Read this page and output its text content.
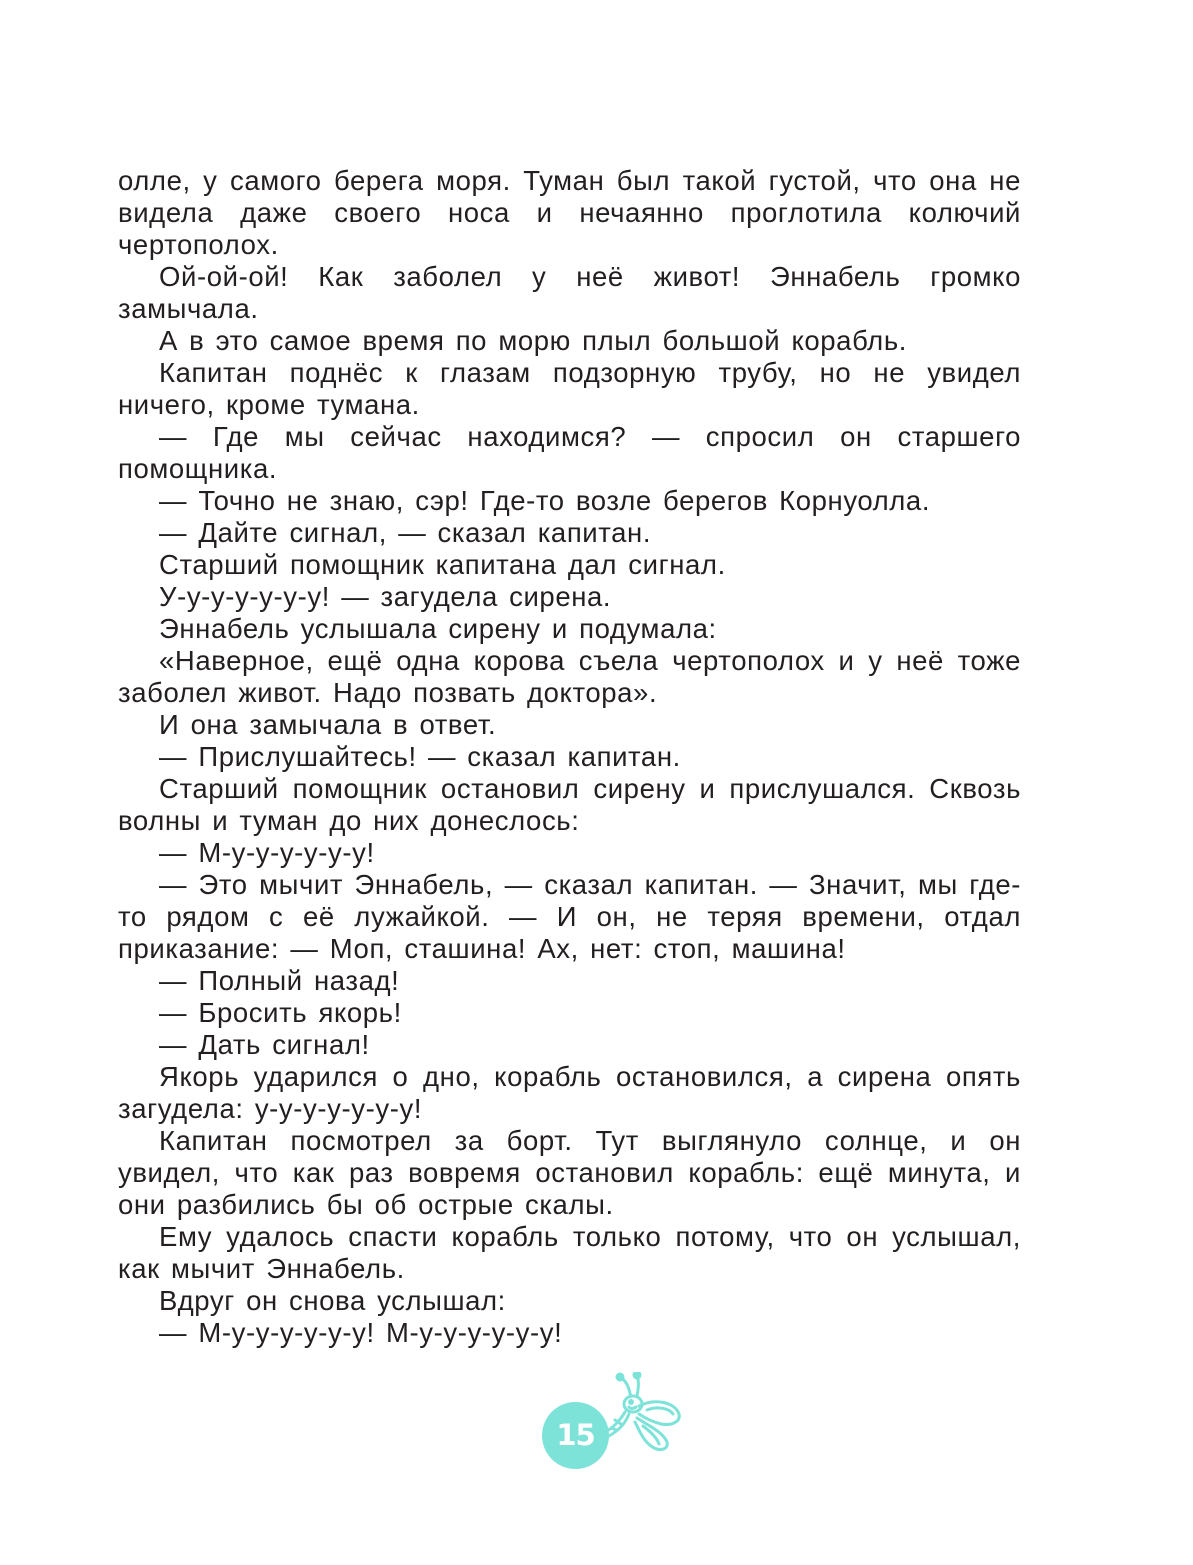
олле, у самого берега моря. Туман был такой густой, что она не видела даже своего носа и нечаянно проглотила колючий чертополох.

Ой-ой-ой! Как заболел у неё живот! Эннабель громко замычала.

А в это самое время по морю плыл большой корабль.

Капитан поднёс к глазам подзорную трубу, но не увидел ничего, кроме тумана.

— Где мы сейчас находимся? — спросил он старшего помощника.

— Точно не знаю, сэр! Где-то возле берегов Корнуолла.

— Дайте сигнал, — сказал капитан.

Старший помощник капитана дал сигнал.

У-у-у-у-у-у-у! — загудела сирена.

Эннабель услышала сирену и подумала:

«Наверное, ещё одна корова съела чертополох и у неё тоже заболел живот. Надо позвать доктора».

И она замычала в ответ.

— Прислушайтесь! — сказал капитан.

Старший помощник остановил сирену и прислушался. Сквозь волны и туман до них донеслось:

— М-у-у-у-у-у-у!

— Это мычит Эннабель, — сказал капитан. — Значит, мы где-то рядом с её лужайкой. — И он, не теряя времени, отдал приказание: — Моп, сташина! Ах, нет: стоп, машина!

— Полный назад!

— Бросить якорь!

— Дать сигнал!

Якорь ударился о дно, корабль остановился, а сирена опять загудела: у-у-у-у-у-у-у!

Капитан посмотрел за борт. Тут выглянуло солнце, и он увидел, что как раз вовремя остановил корабль: ещё минута, и они разбились бы об острые скалы.

Ему удалось спасти корабль только потому, что он услышал, как мычит Эннабель.

Вдруг он снова услышал:

— М-у-у-у-у-у-у! М-у-у-у-у-у-у!

15
